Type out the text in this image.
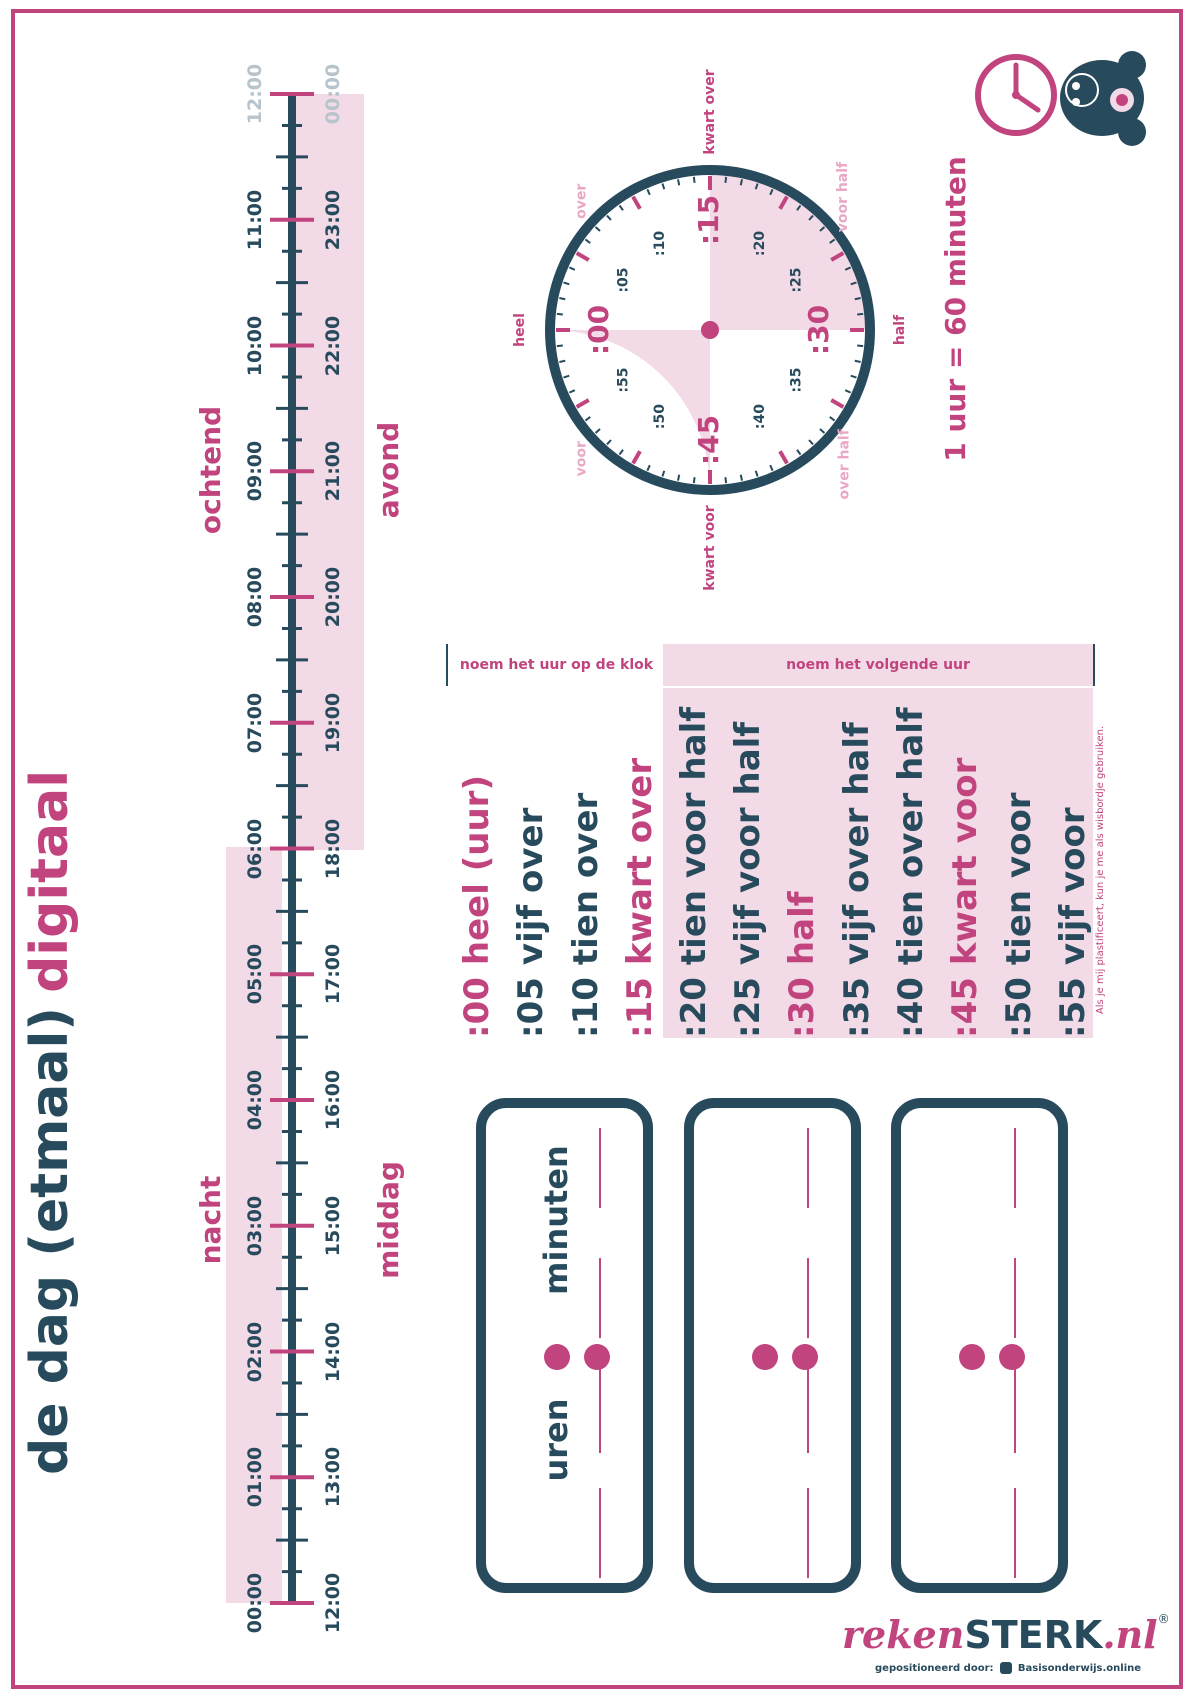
de dag (etmaal)
digitaal
nacht
ochtend
middag
avond
00:00
01:00
02:00
03:00
04:00
05:00
06:00
07:00
08:00
09:00
10:00
11:00
12:00
12:00
13:00
14:00
15:00
16:00
17:00
18:00
19:00
20:00
21:00
22:00
23:00
00:00
:00
:05
:10 :15 :20
:25
:30
:35
:40
:45
:50
:55
heel
kwart over
half
kwart voor
over	voor half
over half
voor	1 uur = 60 minuten
noem het uur op de klok	noem het volgende uur
:00
heel (uur)
:05
vijf over
:10
tien over
:15
kwart over
:20
tien voor half
:25
vijf voor half
:30
half
:35
vijf over half
:40
tien over half
:45
kwart voor
:50
tien voor
:55
vijf voor
uren
minuten
Als je mij plastificeert, kun je me als wisbordje gebruiken.
rekenSTERK.nl®
gepositioneerd door: Basisonderwijs.online
